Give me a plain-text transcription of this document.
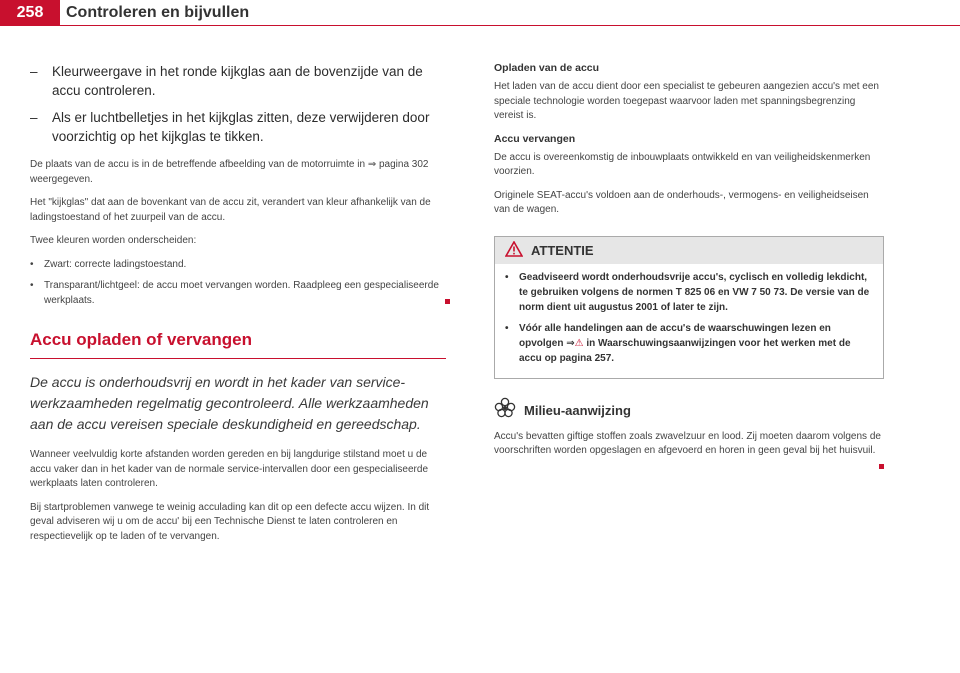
258	Controleren en bijvullen
–	Kleurweergave in het ronde kijkglas aan de bovenzijde van de accu controleren.
–	Als er luchtbelletjes in het kijkglas zitten, deze verwijderen door voorzichtig op het kijkglas te tikken.

De plaats van de accu is in de betreffende afbeelding van de motorruimte in ⇒ pagina 302 weergegeven.

Het "kijkglas" dat aan de bovenkant van de accu zit, verandert van kleur afhankelijk van de ladingstoestand of het zuurpeil van de accu.

Twee kleuren worden onderscheiden:

•	Zwart: correcte ladingstoestand.
•	Transparant/lichtgeel: de accu moet vervangen worden. Raadpleeg een gespecialiseerde werkplaats.
Accu opladen of vervangen

De accu is onderhoudsvrij en wordt in het kader van service-werkzaamheden regelmatig gecontroleerd. Alle werkzaamheden aan de accu vereisen speciale deskundigheid en gereedschap.

Wanneer veelvuldig korte afstanden worden gereden en bij langdurige stilstand moet u de accu vaker dan in het kader van de normale service-intervallen door een gespecialiseerde werkplaats laten controleren.

Bij startproblemen vanwege te weinig acculading kan dit op een defecte accu wijzen. In dit geval adviseren wij u om de accu' bij een Technische Dienst te laten controleren en respectievelijk op te laden of te vervangen.

Opladen van de accu

Het laden van de accu dient door een specialist te gebeuren aangezien accu's met een speciale technologie worden toegepast waarvoor laden met spanningsbegrenzing vereist is.

Accu vervangen

De accu is overeenkomstig de inbouwplaats ontwikkeld en van veiligheidskenmerken voorzien.

Originele SEAT-accu's voldoen aan de onderhouds-, vermogens- en veiligheidseisen van de wagen.

ATTENTIE
•	Geadviseerd wordt onderhoudsvrije accu's, cyclisch en volledig lekdicht, te gebruiken volgens de normen T 825 06 en VW 7 50 73. De versie van de norm dient uit augustus 2001 of later te zijn.
•	Vóór alle handelingen aan de accu's de waarschuwingen lezen en opvolgen ⇒⚠ in Waarschuwingsaanwijzingen voor het werken met de accu op pagina 257.
Milieu-aanwijzing

Accu's bevatten giftige stoffen zoals zwavelzuur en lood. Zij moeten daarom volgens de voorschriften worden opgeslagen en afgevoerd en horen in geen geval bij het huisvuil.
